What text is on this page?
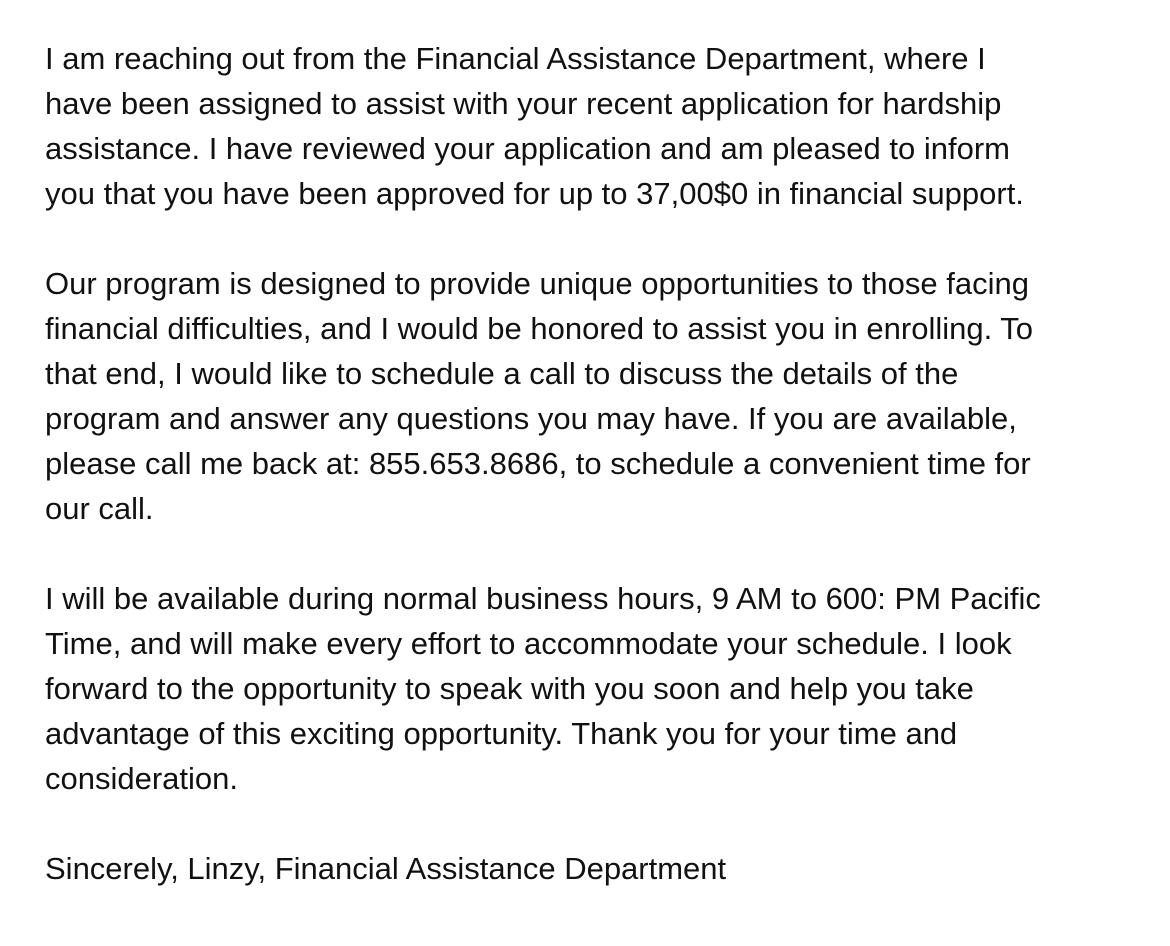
I am reaching out from the Financial Assistance Department, where I
have been assigned to assist with your recent application for hardship
assistance. I have reviewed your application and am pleased to inform
you that you have been approved for up to 37,00$0 in financial support.
Our program is designed to provide unique opportunities to those facing
financial difficulties, and I would be honored to assist you in enrolling. To
that end, I would like to schedule a call to discuss the details of the
program and answer any questions you may have. If you are available,
please call me back at: 855.653.8686, to schedule a convenient time for
our call.
I will be available during normal business hours, 9 AM to 600: PM Pacific
Time, and will make every effort to accommodate your schedule. I look
forward to the opportunity to speak with you soon and help you take
advantage of this exciting opportunity. Thank you for your time and
consideration.
Sincerely, Linzy, Financial Assistance Department
